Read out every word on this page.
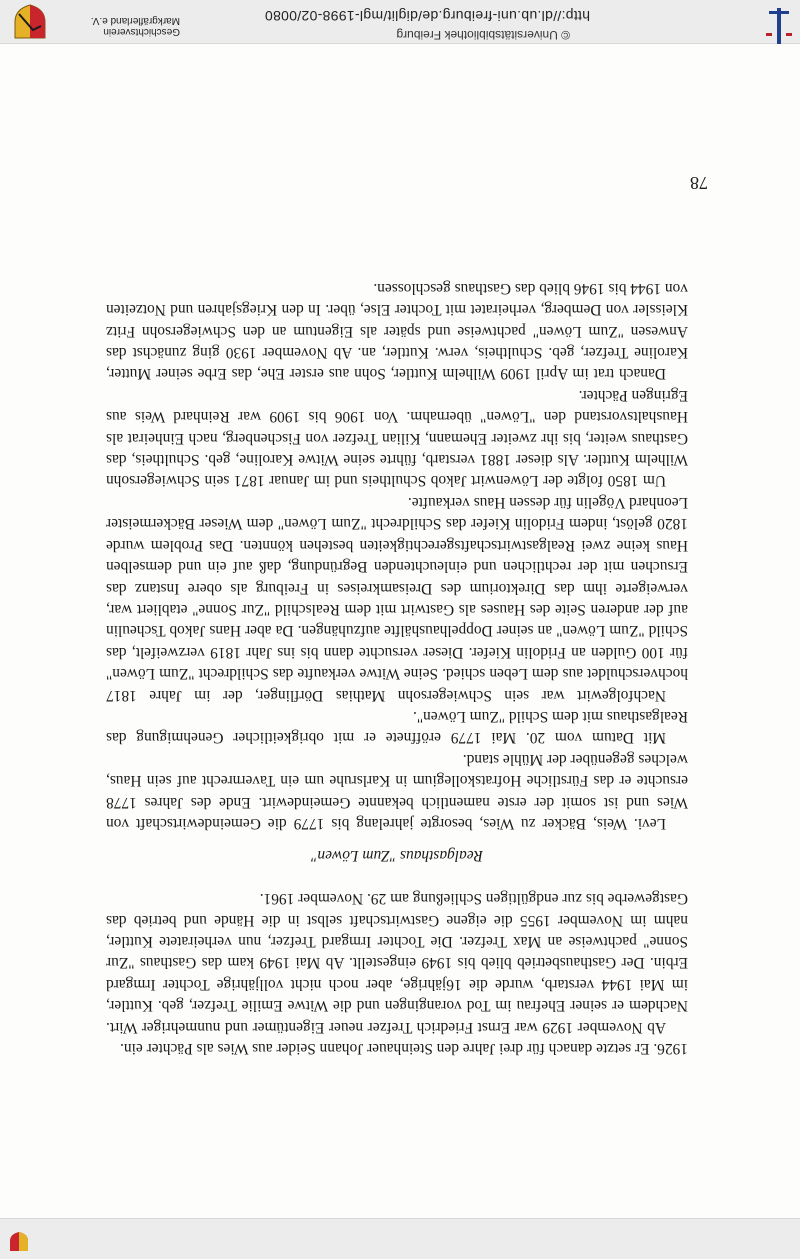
© Universitätsbibliothek Freiburg
http://dl.ub.uni-freiburg.de/diglit/mgl-1998-02/0080
Geschichtsverein
Markgräflerland e.V.
78

1926. Er setzte danach für drei Jahre den Steinhauer Johann Seider aus Wies als Pächter ein.

Ab November 1929 war Ernst Friedrich Trefzer neuer Eigentümer und nunmehriger Wirt. Nachdem er seiner Ehefrau im Tod vorangingen und die Witwe Emilie Trefzer, geb. Kuttler, im Mai 1944 verstarb, wurde die 16jährige, aber noch nicht volljährige Tochter Irmgard Erbin. Der Gasthausbetrieb blieb bis 1949 eingestellt. Ab Mai 1949 kam das Gasthaus "Zur Sonne" pachtweise an Max Trefzer. Die Tochter Irmgard Trefzer, nun verheiratete Kuttler, nahm im November 1955 die eigene Gastwirtschaft selbst in die Hände und betrieb das Gastgewerbe bis zur endgültigen Schließung am 29. November 1961.

Realgasthaus "Zum Löwen"

Levi. Weis, Bäcker zu Wies, besorgte jahrelang bis 1779 die Gemeindewirtschaft von Wies und ist somit der erste namentlich bekannte Gemeindewirt. Ende des Jahres 1778 ersuchte er das Fürstliche Hofratskollegium in Karlsruhe um ein Tavernrecht auf sein Haus, welches gegenüber der Mühle stand.

Mit Datum vom 20. Mai 1779 eröffnete er mit obrigkeitlicher Genehmigung das Realgasthaus mit dem Schild "Zum Löwen".

Nachfolgewirt war sein Schwiegersohn Mathias Dörflinger, der im Jahre 1817 hochverschuldet aus dem Leben schied. Seine Witwe verkaufte das Schildrecht "Zum Löwen" für 100 Gulden an Fridolin Kiefer. Dieser versuchte dann bis ins Jahr 1819 verzweifelt, das Schild "Zum Löwen" an seiner Doppelhaushälfte aufzuhängen. Da aber Hans Jakob Tscheulin auf der anderen Seite des Hauses als Gastwirt mit dem Realschild "Zur Sonne" etabliert war, verweigerte ihm das Direktorium des Dreisamkreises in Freiburg als obere Instanz das Ersuchen mit der rechtlichen und einleuchtenden Begründung, daß auf ein und demselben Haus keine zwei Realgastwirtschaftsgerechtigkeiten bestehen könnten. Das Problem wurde 1820 gelöst, indem Fridolin Kiefer das Schildrecht "Zum Löwen" dem Wieser Bäckermeister Leonhard Vögelin für dessen Haus verkaufte.

Um 1850 folgte der Löwenwirt Jakob Schultheis und im Januar 1871 sein Schwiegersohn Wilhelm Kuttler. Als dieser 1881 verstarb, führte seine Witwe Karoline, geb. Schultheis, das Gasthaus weiter, bis ihr zweiter Ehemann, Kilian Trefzer von Fischenberg, nach Einheirat als Haushaltsvorstand den "Löwen" übernahm. Von 1906 bis 1909 war Reinhard Weis aus Egringen Pächter.

Danach trat im April 1909 Wilhelm Kuttler, Sohn aus erster Ehe, das Erbe seiner Mutter, Karoline Trefzer, geb. Schultheis, verw. Kuttler, an. Ab November 1930 ging zunächst das Anwesen "Zum Löwen" pachtweise und später als Eigentum an den Schwiegersohn Fritz Kleissler von Demberg, verheiratet mit Tochter Else, über. In den Kriegsjahren und Notzeiten von 1944 bis 1946 blieb das Gasthaus geschlossen.
